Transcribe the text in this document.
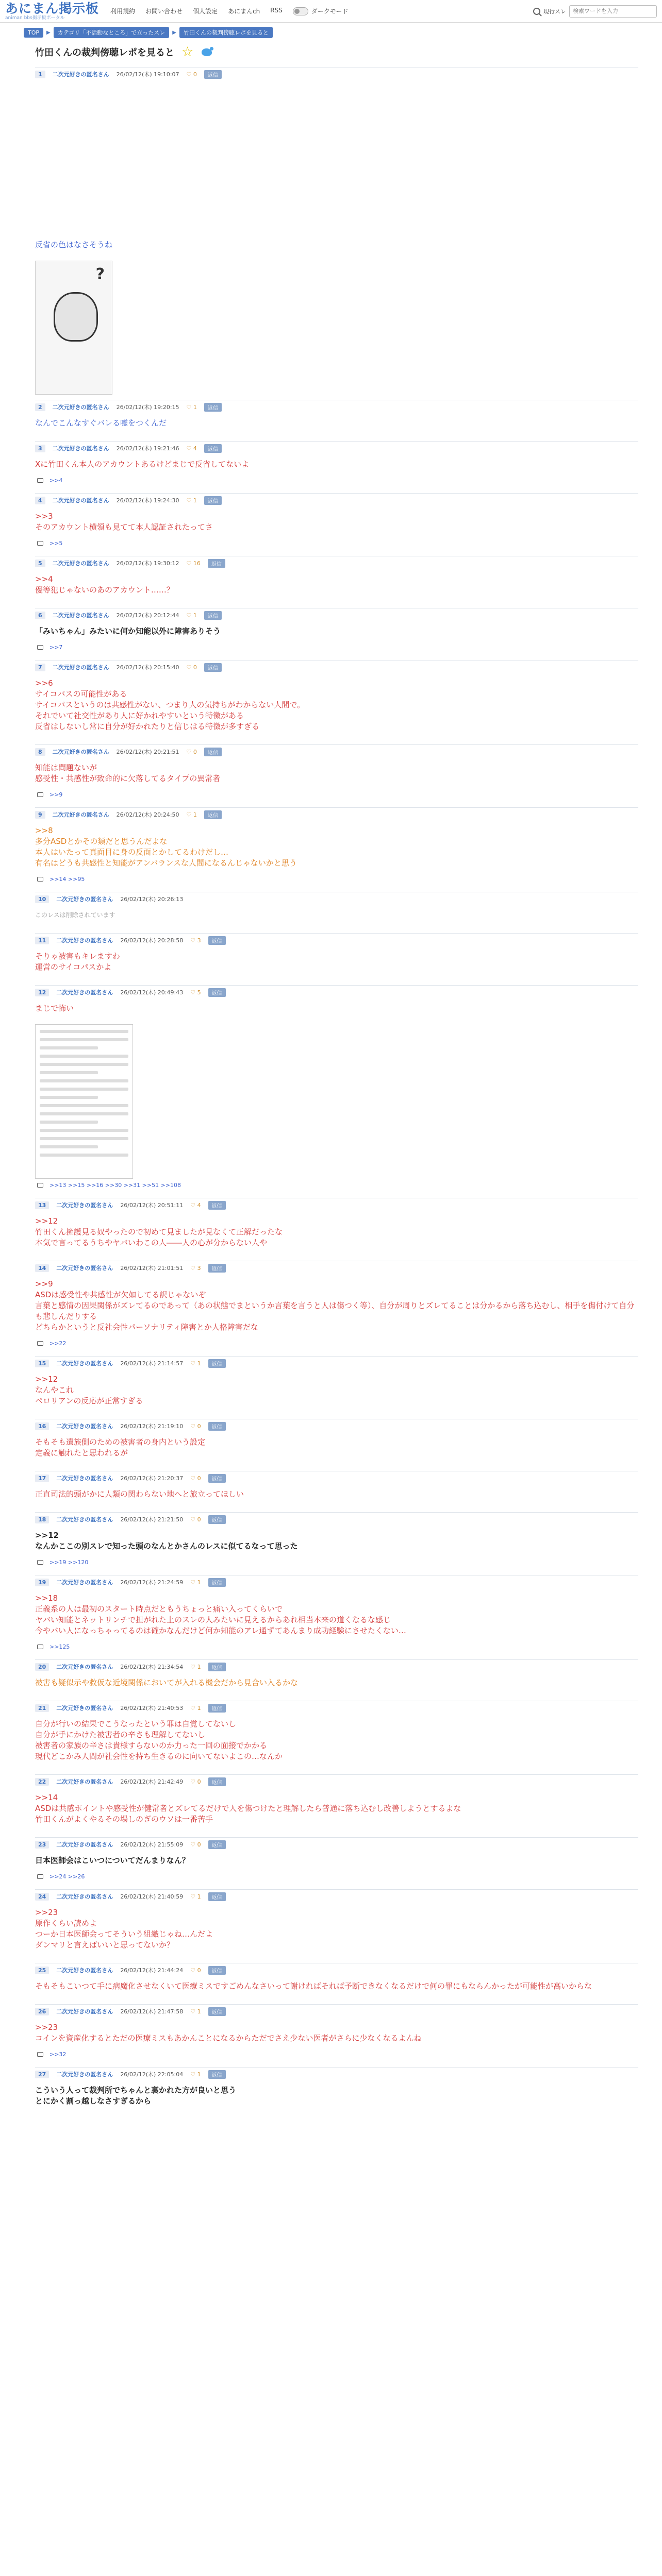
あにまん掲示板
animan bbs掲示板ポータル
利用規約 お問い合わせ 個人設定 あにまんch RSS	ダークモード	現行スレ
検索ワードを入力
TOP	▶	カテゴリ「不活動なところ」で立ったスレ	▶	竹田くんの裁判傍聴レポを見ると
竹田くんの裁判傍聴レポを見ると ☆
1	二次元好きの匿名さん 26/02/12(木) 19:10:07 ♡ 0	返信
反省の色はなさそうね
?
2	二次元好きの匿名さん 26/02/12(木) 19:20:15 ♡ 1	返信
なんでこんなすぐバレる嘘をつくんだ
3	二次元好きの匿名さん 26/02/12(木) 19:21:46 ♡ 4	返信
Xに竹田くん本人のアカウントあるけどまじで反省してないよ
>>4
4	二次元好きの匿名さん 26/02/12(木) 19:24:30 ♡ 1	返信
>>3
そのアカウント横領も見てて本人認証されたってさ
>>5
5	二次元好きの匿名さん 26/02/12(木) 19:30:12 ♡ 16	返信
>>4
優等犯じゃないのあのアカウント……？
6	二次元好きの匿名さん 26/02/12(木) 20:12:44 ♡ 1	返信
「みいちゃん」みたいに何か知能以外に障害ありそう
>>7
7	二次元好きの匿名さん 26/02/12(木) 20:15:40 ♡ 0	返信
>>6
サイコパスの可能性がある
サイコパスというのは共感性がない、つまり人の気持ちがわからない人間で。
それでいて社交性があり人に好かれやすいという特徴がある
反省はしないし常に自分が好かれたりと信じはる特徴が多すぎる
8	二次元好きの匿名さん 26/02/12(木) 20:21:51 ♡ 0	返信
知能は問題ないが
感受性・共感性が致命的に欠落してるタイプの異常者
>>9
9	二次元好きの匿名さん 26/02/12(木) 20:24:50 ♡ 1	返信
>>8
多分ASDとかその類だと思うんだよな
本人はいたって真面目に身の反面とかしてるわけだし…
有名はどうも共感性と知能がアンバランスな人間になるんじゃないかと思う
>>14 >>95
10	二次元好きの匿名さん 26/02/12(木) 20:26:13
このレスは削除されています
11	二次元好きの匿名さん 26/02/12(木) 20:28:58 ♡ 3	返信
そりゃ被害もキレますわ
運営のサイコパスかよ
12	二次元好きの匿名さん 26/02/12(木) 20:49:43 ♡ 5	返信
まじで怖い
>>13 >>15 >>16 >>30 >>31 >>51 >>108
13	二次元好きの匿名さん 26/02/12(木) 20:51:11 ♡ 4	返信
>>12
竹田くん擁護見る奴やったので初めて見ましたが見なくて正解だったな
本気で言ってるうちやヤバいわこの人――人の心が分からない人や
14	二次元好きの匿名さん 26/02/12(木) 21:01:51 ♡ 3	返信
>>9
ASDは感受性や共感性が欠如してる訳じゃないぞ
言葉と感情の因果関係がズレてるのであって（あの状態でまというか言葉を言うと人は傷つく等）、自分が周りとズレてることは分かるから落ち込むし、相手を傷付けて自分も悲しんだりする
どちらかというと反社会性パーソナリティ障害とか人格障害だな
>>22
15	二次元好きの匿名さん 26/02/12(木) 21:14:57 ♡ 1	返信
>>12
なんやこれ
ペロリアンの反応が正常すぎる
16	二次元好きの匿名さん 26/02/12(木) 21:19:10 ♡ 0	返信
そもそも遺族側のための被害者の身内という設定
定義に触れたと思われるが
17	二次元好きの匿名さん 26/02/12(木) 21:20:37 ♡ 0	返信
正直司法的頭がかに人類の関わらない地へと旅立ってほしい
18	二次元好きの匿名さん 26/02/12(木) 21:21:50 ♡ 0	返信
>>12
なんかここの別スレで知った頭のなんとかさんのレスに似てるなって思った
>>19 >>120
19	二次元好きの匿名さん 26/02/12(木) 21:24:59 ♡ 1	返信
>>18
正義系の人は最初のスタート時点だともうちょっと痛い入ってくらいで
ヤバい知能とネットリンチで担がれた上のスレの人みたいに見えるからあれ相当本来の道くなるな感じ
今やバい人になっちゃってるのは確かなんだけど何か知能のアレ通ずてあんまり成功経験にさせたくない…
>>125
20	二次元好きの匿名さん 26/02/12(木) 21:34:54 ♡ 1	返信
被害も疑似示や救仮な近境関係においてが入れる機会だから見合い入るかな
21	二次元好きの匿名さん 26/02/12(木) 21:40:53 ♡ 1	返信
自分が行いの結果でこうなったという罪は自覚してないし
自分が手にかけた被害者の辛さも理解してないし
被害者の家族の辛さは貴様すらないのか力った一回の面接でかかる
現代どこかみ人間が社会性を持ち生きるのに向いてないよこの…なんか
22	二次元好きの匿名さん 26/02/12(木) 21:42:49 ♡ 0	返信
>>14
ASDは共感ポイントや感受性が健常者とズレてるだけで人を傷つけたと理解したら普通に落ち込むし改善しようとするよな
竹田くんがよくやるその場しのぎのウソは一番苦手
23	二次元好きの匿名さん 26/02/12(木) 21:55:09 ♡ 0	返信
日本医師会はこいつについてだんまりなん？
>>24 >>26
24	二次元好きの匿名さん 26/02/12(木) 21:40:59 ♡ 1	返信
>>23
原作くらい読めよ
つーか日本医師会ってそういう組織じゃね…んだよ
ダンマリと言えばいいと思ってないか？
25	二次元好きの匿名さん 26/02/12(木) 21:44:24 ♡ 0	返信
そもそもこいつて手に病魔化させなくいて医療ミスですごめんなさいって謝ければそれば予断できなくなるだけで何の罪にもならんかったが可能性が高いからな
26	二次元好きの匿名さん 26/02/12(木) 21:47:58 ♡ 1	返信
>>23
コインを資産化するとただの医療ミスもあかんことになるからただでさえ少ない医者がさらに少なくなるよんね
>>32
27	二次元好きの匿名さん 26/02/12(木) 22:05:04 ♡ 1	返信
こういう人って裁判所でちゃんと裏かれた方が良いと思う
とにかく割っ越しなさすぎるから
